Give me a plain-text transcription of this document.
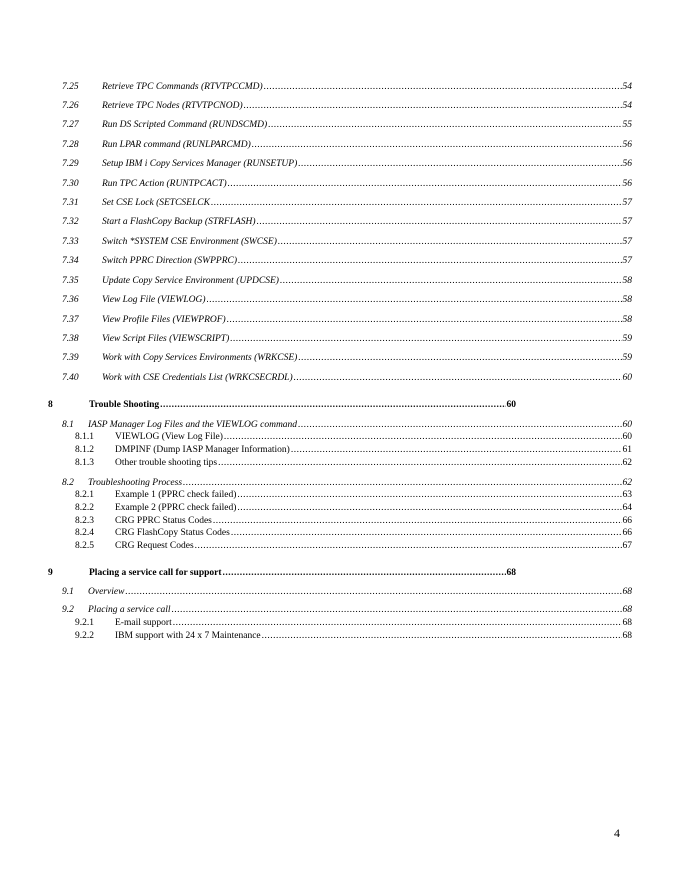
7.25	Retrieve TPC Commands (RTVTPCCMD) .....	54
7.26	Retrieve TPC Nodes (RTVTPCNOD) .....	54
7.27	Run DS Scripted Command (RUNDSCMD) .....	55
7.28	Run LPAR command (RUNLPARCMD) .....	56
7.29	Setup IBM i Copy Services Manager (RUNSETUP) .....	56
7.30	Run TPC Action (RUNTPCACT) .....	56
7.31	Set CSE Lock (SETCSELCK .....	57
7.32	Start a FlashCopy Backup (STRFLASH) .....	57
7.33	Switch *SYSTEM CSE Environment (SWCSE) .....	57
7.34	Switch PPRC Direction (SWPPRC) .....	57
7.35	Update Copy Service Environment (UPDCSE) .....	58
7.36	View Log File (VIEWLOG) .....	58
7.37	View Profile Files (VIEWPROF) .....	58
7.38	View Script Files (VIEWSCRIPT) .....	59
7.39	Work with Copy Services Environments (WRKCSE) .....	59
7.40	Work with CSE Credentials List (WRKCSECRDL) .....	60
8	Trouble Shooting .....	60
8.1	IASP Manager Log Files and the VIEWLOG command .....	60
8.1.1	VIEWLOG (View Log File) .....	60
8.1.2	DMPINF (Dump IASP Manager Information) .....	61
8.1.3	Other trouble shooting tips .....	62
8.2	Troubleshooting Process .....	62
8.2.1	Example 1 (PPRC check failed) .....	63
8.2.2	Example 2 (PPRC check failed) .....	64
8.2.3	CRG PPRC Status Codes .....	66
8.2.4	CRG FlashCopy Status Codes .....	66
8.2.5	CRG Request Codes .....	67
9	Placing a service call for support .....	68
9.1	Overview .....	68
9.2	Placing a service call .....	68
9.2.1	E-mail support .....	68
9.2.2	IBM support with 24 x 7 Maintenance .....	68
4
